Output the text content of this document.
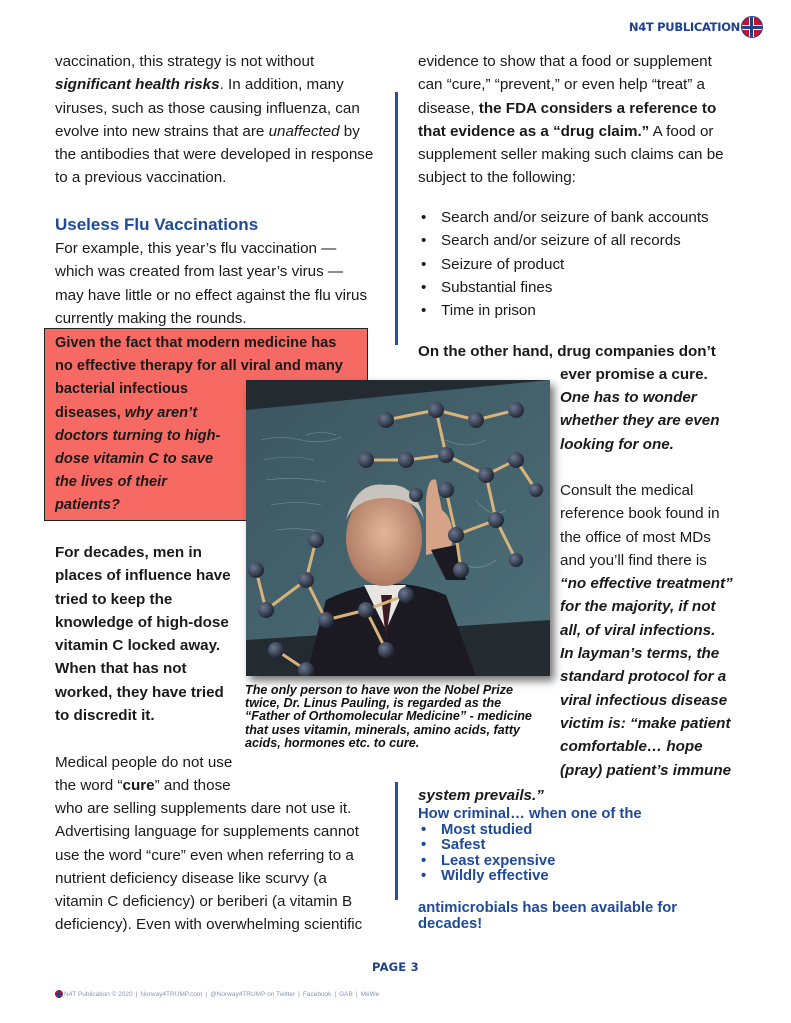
N4T PUBLICATION
vaccination, this strategy is not without significant health risks. In addition, many viruses, such as those causing influenza, can evolve into new strains that are unaffected by the antibodies that were developed in response to a previous vaccination.
Useless Flu Vaccinations
For example, this year’s flu vaccination — which was created from last year’s virus — may have little or no effect against the flu virus currently making the rounds.
Given the fact that modern medicine has
no effective therapy for all viral and many
bacterial infectious
diseases, why aren’t
doctors turning to high-
dose vitamin C to save
the lives of their
patients?
For decades, men in
places of influence have
tried to keep the
knowledge of high-dose
vitamin C locked away.
When that has not
worked, they have tried
to discredit it.
Medical people do not use
the word “cure” and those
who are selling supplements dare not use it.
Advertising language for supplements cannot
use the word “cure” even when referring to a
nutrient deficiency disease like scurvy (a
vitamin C deficiency) or beriberi (a vitamin B
deficiency). Even with overwhelming scientific
The only person to have won the Nobel Prize twice, Dr. Linus Pauling, is regarded as the “Father of Orthomolecular Medicine” - medicine that uses vitamin, minerals, amino acids, fatty acids, hormones etc. to cure.
evidence to show that a food or supplement can “cure,” “prevent,” or even help “treat” a disease, the FDA considers a reference to that evidence as a “drug claim.” A food or supplement seller making such claims can be subject to the following:
• Search and/or seizure of bank accounts
• Search and/or seizure of all records
• Seizure of product
• Substantial fines
• Time in prison
On the other hand, drug companies don’t
ever promise a cure.
One has to wonder
whether they are even
looking for one.
Consult the medical
reference book found in
the office of most MDs
and you’ll find there is
“no effective treatment”
for the majority, if not
all, of viral infections.
In layman’s terms, the
standard protocol for a
viral infectious disease
victim is: “make patient
comfortable… hope
(pray) patient’s immune
system prevails.”
How criminal… when one of the
• Most studied
• Safest
• Least expensive
• Wildly effective
antimicrobials has been available for decades!
PAGE 3
N4T Publication © 2020 | Norway4TRUMP.com | @Norway4TRUMP on Twitter | Facebook | GAB | MeWe
